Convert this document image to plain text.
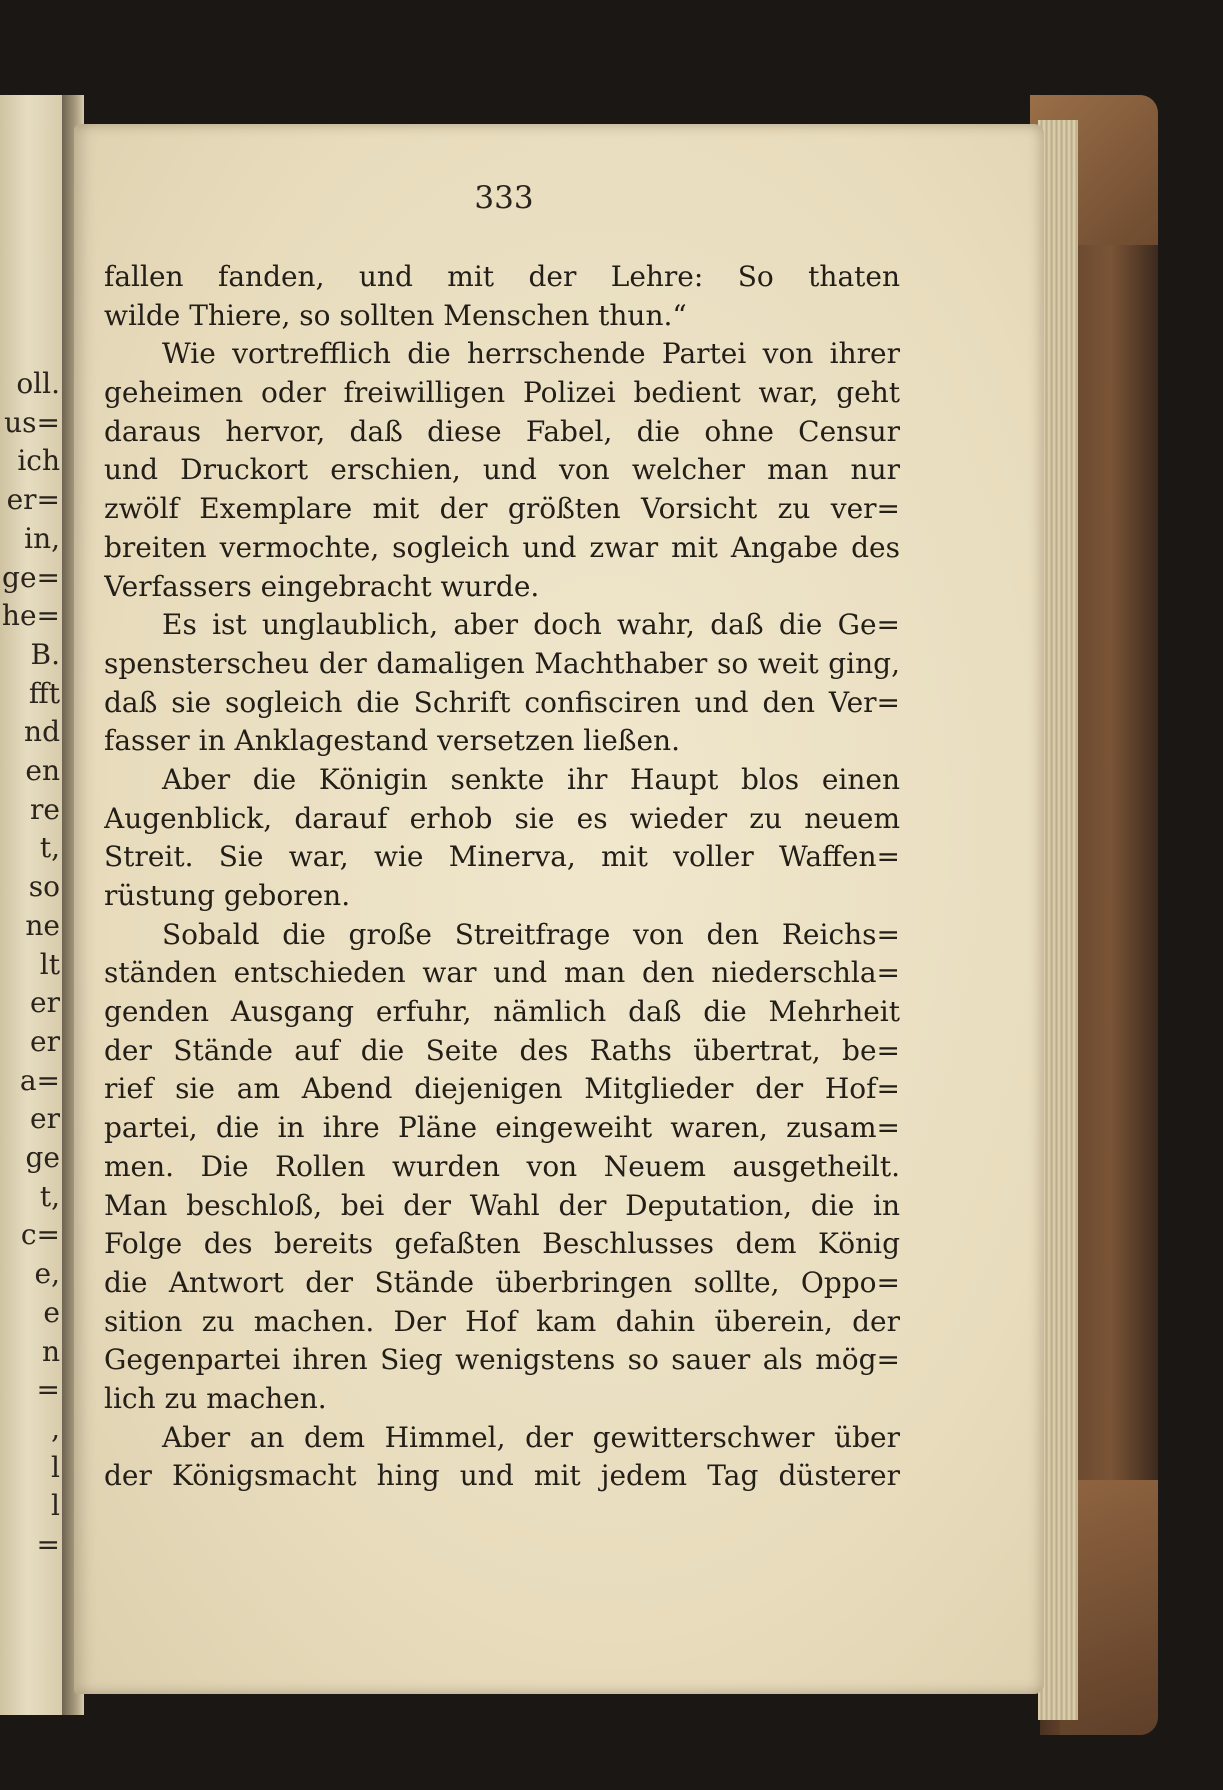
oll.
us=
ich
er=
in,
ge=
he=
B.
fft
nd
en
re
t,
so
ne
lt
er
er
a=
er
ge
t,
c=
e,
e
n
=
,
l
l
=
333
fallen fanden, und mit der Lehre: So thaten
wilde Thiere, so sollten Menschen thun.“
Wie vortrefflich die herrschende Partei von ihrer
geheimen oder freiwilligen Polizei bedient war, geht
daraus hervor, daß diese Fabel, die ohne Censur
und Druckort erschien, und von welcher man nur
zwölf Exemplare mit der größten Vorsicht zu ver=
breiten vermochte, sogleich und zwar mit Angabe des
Verfassers eingebracht wurde.
Es ist unglaublich, aber doch wahr, daß die Ge=
spensterscheu der damaligen Machthaber so weit ging,
daß sie sogleich die Schrift confisciren und den Ver=
fasser in Anklagestand versetzen ließen.
Aber die Königin senkte ihr Haupt blos einen
Augenblick, darauf erhob sie es wieder zu neuem
Streit. Sie war, wie Minerva, mit voller Waffen=
rüstung geboren.
Sobald die große Streitfrage von den Reichs=
ständen entschieden war und man den niederschla=
genden Ausgang erfuhr, nämlich daß die Mehrheit
der Stände auf die Seite des Raths übertrat, be=
rief sie am Abend diejenigen Mitglieder der Hof=
partei, die in ihre Pläne eingeweiht waren, zusam=
men. Die Rollen wurden von Neuem ausgetheilt.
Man beschloß, bei der Wahl der Deputation, die in
Folge des bereits gefaßten Beschlusses dem König
die Antwort der Stände überbringen sollte, Oppo=
sition zu machen. Der Hof kam dahin überein, der
Gegenpartei ihren Sieg wenigstens so sauer als mög=
lich zu machen.
Aber an dem Himmel, der gewitterschwer über
der Königsmacht hing und mit jedem Tag düsterer
